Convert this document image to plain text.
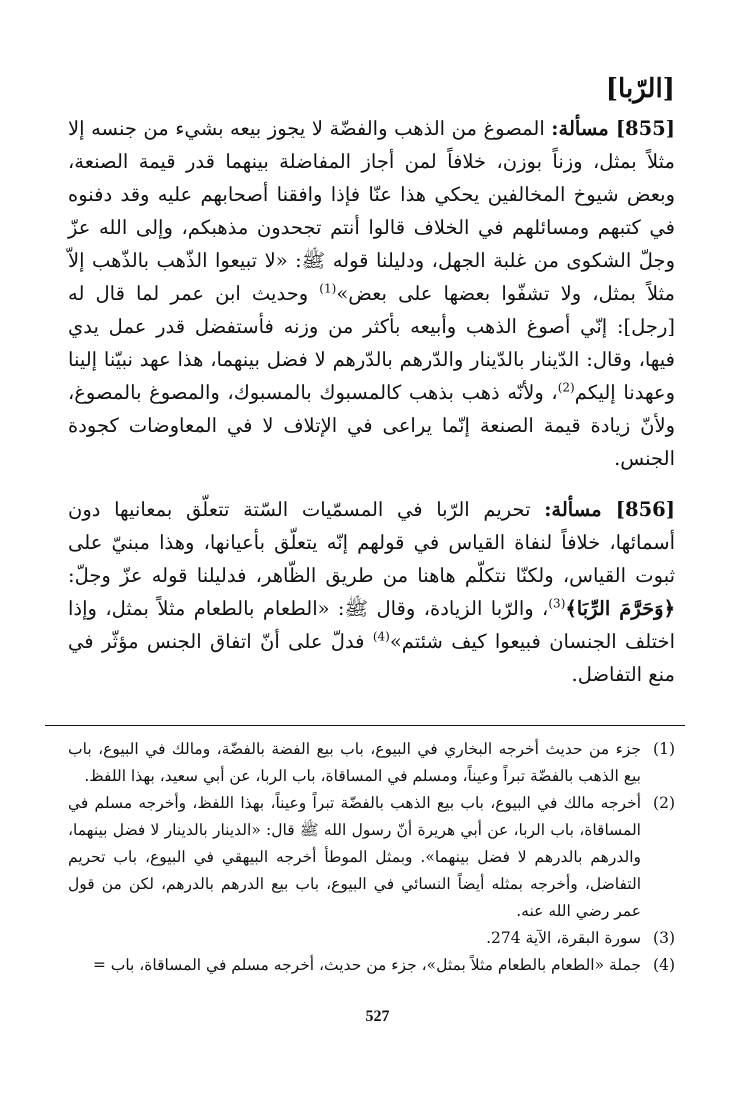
[الرّبا]

[855] مسألة: المصوغ من الذهب والفضّة لا يجوز بيعه بشيء من جنسه إلا مثلاً بمثل، وزناً بوزن، خلافاً لمن أجاز المفاضلة بينهما قدر قيمة الصنعة، وبعض شيوخ المخالفين يحكي هذا عنّا فإذا وافقنا أصحابهم عليه وقد دفنوه في كتبهم ومسائلهم في الخلاف قالوا أنتم تجحدون مذهبكم، وإلى الله عزّ وجلّ الشكوى من غلبة الجهل، ودليلنا قوله ﷺ: «لا تبيعوا الذّهب بالذّهب إلاّ مثلاً بمثل، ولا تشفّوا بعضها على بعض»$^{(1)}$ وحديث ابن عمر لما قال له [رجل]: إنّي أصوغ الذهب وأبيعه بأكثر من وزنه فأستفضل قدر عمل يدي فيها، وقال: الدّينار بالدّينار والدّرهم بالدّرهم لا فضل بينهما، هذا عهد نبيّنا إلينا وعهدنا إليكم$^{(2)}$، ولأنّه ذهب بذهب كالمسبوك بالمسبوك، والمصوغ بالمصوغ، ولأنّ زيادة قيمة الصنعة إنّما يراعى في الإتلاف لا في المعاوضات كجودة الجنس.

[856] مسألة: تحريم الرّبا في المسمّيات السّتة تتعلّق بمعانيها دون أسمائها، خلافاً لنفاة القياس في قولهم إنّه يتعلّق بأعيانها، وهذا مبنيّ على ثبوت القياس، ولكنّا نتكلّم هاهنا من طريق الظّاهر، فدليلنا قوله عزّ وجلّ: ﴿وَحَرَّمَ الرِّبَا﴾$^{(3)}$، والرّبا الزيادة، وقال ﷺ: «الطعام بالطعام مثلاً بمثل، وإذا اختلف الجنسان فبيعوا كيف شئتم»$^{(4)}$ فدلّ على أنّ اتفاق الجنس مؤثّر في منع التفاضل.

(1)
جزء من حديث أخرجه البخاري في البيوع، باب بيع الفضة بالفضّة، ومالك في البيوع، باب بيع الذهب بالفضّة تبراً وعيناً، ومسلم في المساقاة، باب الربا، عن أبي سعيد، بهذا اللفظ.
(2)
أخرجه مالك في البيوع، باب بيع الذهب بالفضّة تبراً وعيناً، بهذا اللفظ، وأخرجه مسلم في المساقاة، باب الربا، عن أبي هريرة أنّ رسول الله ﷺ قال: «الدينار بالدينار لا فضل بينهما، والدرهم بالدرهم لا فضل بينهما». وبمثل الموطأ أخرجه البيهقي في البيوع، باب تحريم التفاضل، وأخرجه بمثله أيضاً النسائي في البيوع، باب بيع الدرهم بالدرهم، لكن من قول عمر رضي الله عنه.
(3)
سورة البقرة، الآية 274.
(4)
جملة «الطعام بالطعام مثلاً بمثل»، جزء من حديث، أخرجه مسلم في المساقاة، باب =
527
